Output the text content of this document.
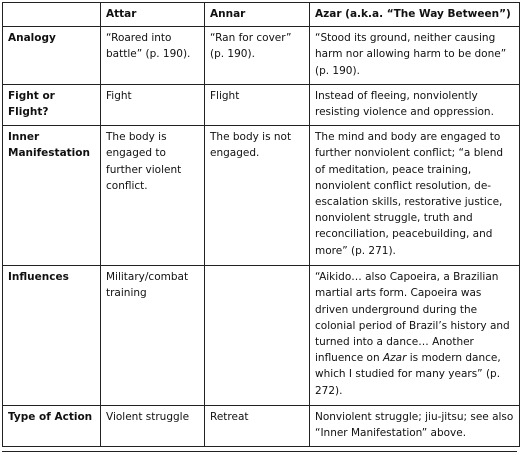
	Attar	Annar	Azar (a.k.a. “The Way Between”)
Analogy	“Roared into battle” (p. 190).	“Ran for cover” (p. 190).	“Stood its ground, neither causing harm nor allowing harm to be done” (p. 190).
Fight or Flight?	Fight	Flight	Instead of fleeing, nonviolently resisting violence and oppression.
Inner Manifestation	The body is engaged to further violent conflict.	The body is not engaged.	The mind and body are engaged to further nonviolent conflict; “a blend of meditation, peace training, nonviolent conflict resolution, de-escalation skills, restorative justice, nonviolent struggle, truth and reconciliation, peacebuilding, and more” (p. 271).
Influences	Military/combat training		“Aikido… also Capoeira, a Brazilian martial arts form. Capoeira was driven underground during the colonial period of Brazil’s history and turned into a dance… Another influence on Azar is modern dance, which I studied for many years” (p. 272).
Type of Action	Violent struggle	Retreat	Nonviolent struggle; jiu-jitsu; see also “Inner Manifestation” above.
